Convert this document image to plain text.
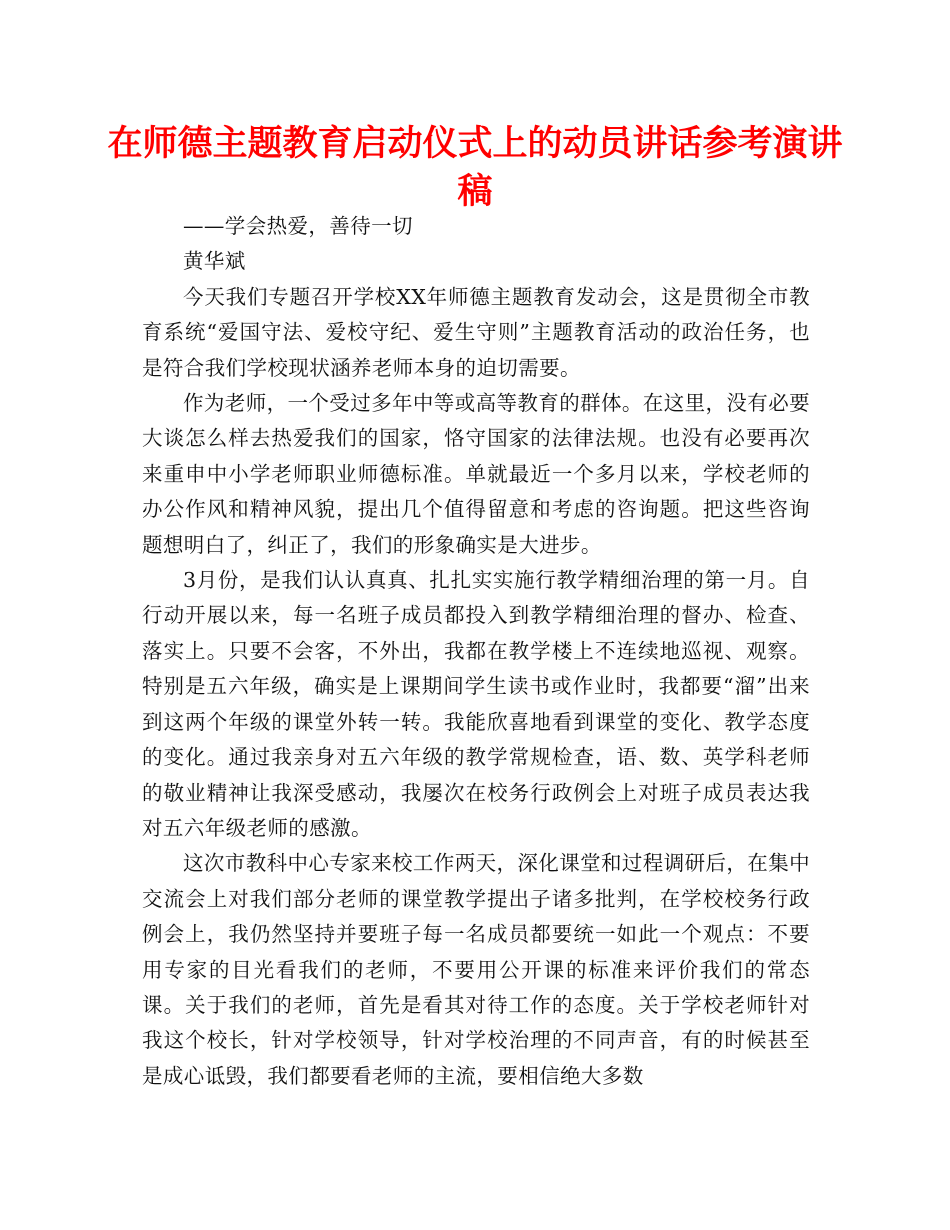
在师德主题教育启动仪式上的动员讲话参考演讲稿

——学会热爱，善待一切

黄华斌

今天我们专题召开学校XX年师德主题教育发动会，这是贯彻全市教育系统“爱国守法、爱校守纪、爱生守则”主题教育活动的政治任务，也是符合我们学校现状涵养老师本身的迫切需要。

作为老师，一个受过多年中等或高等教育的群体。在这里，没有必要大谈怎么样去热爱我们的国家，恪守国家的法律法规。也没有必要再次来重申中小学老师职业师德标准。单就最近一个多月以来，学校老师的办公作风和精神风貌，提出几个值得留意和考虑的咨询题。把这些咨询题想明白了，纠正了，我们的形象确实是大进步。

3月份，是我们认认真真、扎扎实实施行教学精细治理的第一月。自行动开展以来，每一名班子成员都投入到教学精细治理的督办、检查、落实上。只要不会客，不外出，我都在教学楼上不连续地巡视、观察。特别是五六年级，确实是上课期间学生读书或作业时，我都要“溜”出来到这两个年级的课堂外转一转。我能欣喜地看到课堂的变化、教学态度的变化。通过我亲身对五六年级的教学常规检查，语、数、英学科老师的敬业精神让我深受感动，我屡次在校务行政例会上对班子成员表达我对五六年级老师的感激。

这次市教科中心专家来校工作两天，深化课堂和过程调研后，在集中交流会上对我们部分老师的课堂教学提出子诸多批判，在学校校务行政例会上，我仍然坚持并要班子每一名成员都要统一如此一个观点：不要用专家的目光看我们的老师，不要用公开课的标准来评价我们的常态课。关于我们的老师，首先是看其对待工作的态度。关于学校老师针对我这个校长，针对学校领导，针对学校治理的不同声音，有的时候甚至是成心诋毁，我们都要看老师的主流，要相信绝大多数
